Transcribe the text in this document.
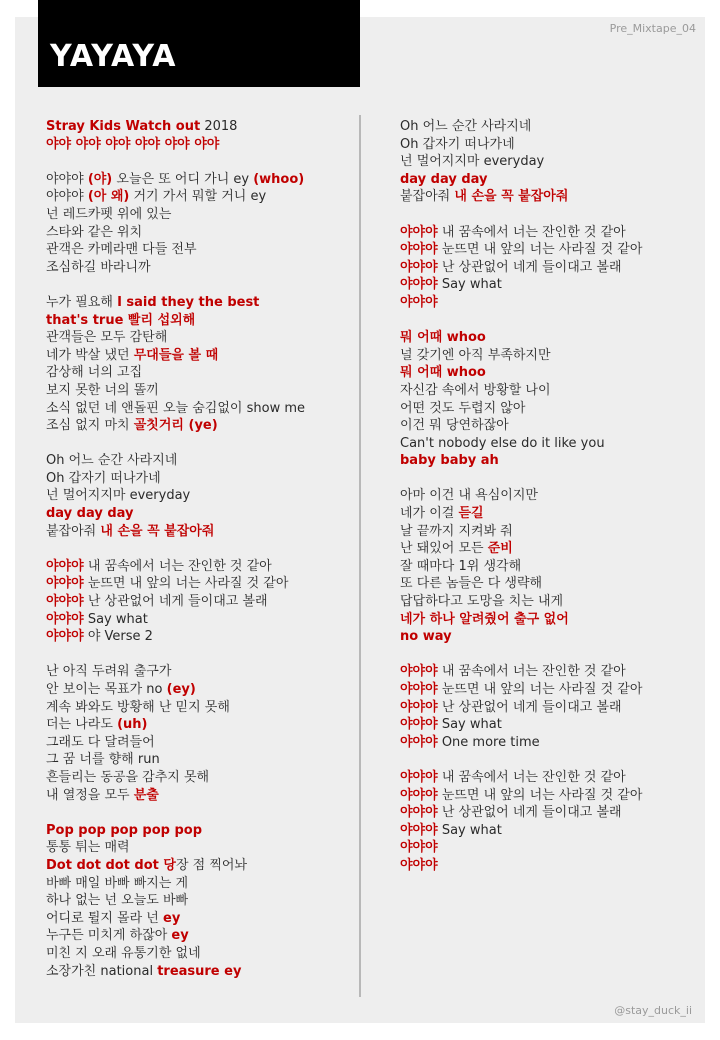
YAYAYA
Pre_Mixtape_04
Stray Kids Watch out 2018
야야 야야 야야 야야 야야 야야
야야야 (야) 오늘은 또 어디 가니 ey (whoo)
야야야 (아 왜) 거기 가서 뭐할 거니 ey
넌 레드카펫 위에 있는
스타와 같은 위치
관객은 카메라맨 다들 전부
조심하길 바라니까
누가 필요해 I said they the best
that's true 빨리 섭외해
관객들은 모두 감탄해
네가 박살 냈던 무대들을 볼 때
감상해 너의 고집
보지 못한 너의 똘끼
소식 없던 네 앤돌핀 오늘 숨김없이 show me
조심 없지 마치 골칫거리 (ye)
Oh 어느 순간 사라지네
Oh 갑자기 떠나가네
넌 멀어지지마 everyday
day day day
붙잡아줘 내 손을 꼭 붙잡아줘
야야야 내 꿈속에서 너는 잔인한 것 같아
야야야 눈뜨면 내 앞의 너는 사라질 것 같아
야야야 난 상관없어 네게 들이대고 볼래
야야야 Say what
야야야 야 Verse 2
난 아직 두려워 출구가
안 보이는 목표가 no (ey)
계속 봐와도 방황해 난 믿지 못해
더는 나라도 (uh)
그래도 다 달려들어
그 꿈 너를 향해 run
흔들리는 동공을 감추지 못해
내 열정을 모두 분출
Pop pop pop pop pop
통통 튀는 매력
Dot dot dot dot 당장 점 찍어놔
바빠 매일 바빠 빠지는 게
하나 없는 넌 오늘도 바빠
어디로 튈지 몰라 넌 ey
누구든 미치게 하잖아 ey
미친 지 오래 유통기한 없네
소장가친 national treasure ey
Oh 어느 순간 사라지네
Oh 갑자기 떠나가네
넌 멀어지지마 everyday
day day day
붙잡아줘 내 손을 꼭 붙잡아줘
야야야 내 꿈속에서 너는 잔인한 것 같아
야야야 눈뜨면 내 앞의 너는 사라질 것 같아
야야야 난 상관없어 네게 들이대고 볼래
야야야 Say what
야야야
뭐 어때 whoo
널 갖기엔 아직 부족하지만
뭐 어때 whoo
자신감 속에서 방황할 나이
어떤 것도 두렵지 않아
이건 뭐 당연하잖아
Can't nobody else do it like you
baby baby ah
아마 이건 내 욕심이지만
네가 이걸 듣길
날 끝까지 지켜봐 줘
난 돼있어 모든 준비
잘 때마다 1위 생각해
또 다른 놈들은 다 생략해
답답하다고 도망을 치는 내게
네가 하나 알려줬어 출구 없어
no way
야야야 내 꿈속에서 너는 잔인한 것 같아
야야야 눈뜨면 내 앞의 너는 사라질 것 같아
야야야 난 상관없어 네게 들이대고 볼래
야야야 Say what
야야야 One more time
야야야 내 꿈속에서 너는 잔인한 것 같아
야야야 눈뜨면 내 앞의 너는 사라질 것 같아
야야야 난 상관없어 네게 들이대고 볼래
야야야 Say what
야야야
야야야
@stay_duck_ii
